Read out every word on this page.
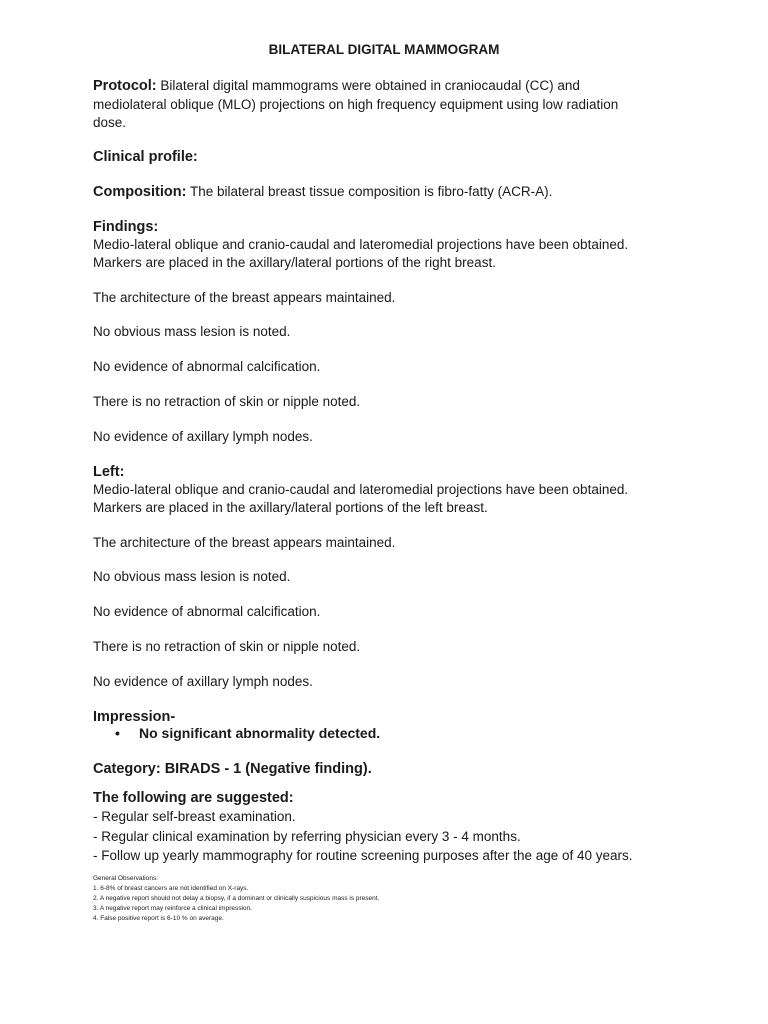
BILATERAL DIGITAL MAMMOGRAM
Protocol: Bilateral digital mammograms were obtained in craniocaudal (CC) and
mediolateral oblique (MLO) projections on high frequency equipment using low radiation
dose.
Clinical profile:
Composition: The bilateral breast tissue composition is fibro-fatty (ACR-A).
Findings:
Medio-lateral oblique and cranio-caudal and lateromedial projections have been obtained.
Markers are placed in the axillary/lateral portions of the right breast.
The architecture of the breast appears maintained.
No obvious mass lesion is noted.
No evidence of abnormal calcification.
There is no retraction of skin or nipple noted.
No evidence of axillary lymph nodes.
Left:
Medio-lateral oblique and cranio-caudal and lateromedial projections have been obtained.
Markers are placed in the axillary/lateral portions of the left breast.
The architecture of the breast appears maintained.
No obvious mass lesion is noted.
No evidence of abnormal calcification.
There is no retraction of skin or nipple noted.
No evidence of axillary lymph nodes.
Impression-
• No significant abnormality detected.
Category: BIRADS - 1 (Negative finding).
The following are suggested:
- Regular self-breast examination.
- Regular clinical examination by referring physician every 3 - 4 months.
- Follow up yearly mammography for routine screening purposes after the age of 40 years.
General Observations:
1. 6-8% of breast cancers are not identified on X-rays.
2. A negative report should not delay a biopsy, if a dominant or clinically suspicious mass is present.
3. A negative report may reinforce a clinical impression.
4. False positive report is 6-10 % on average.
